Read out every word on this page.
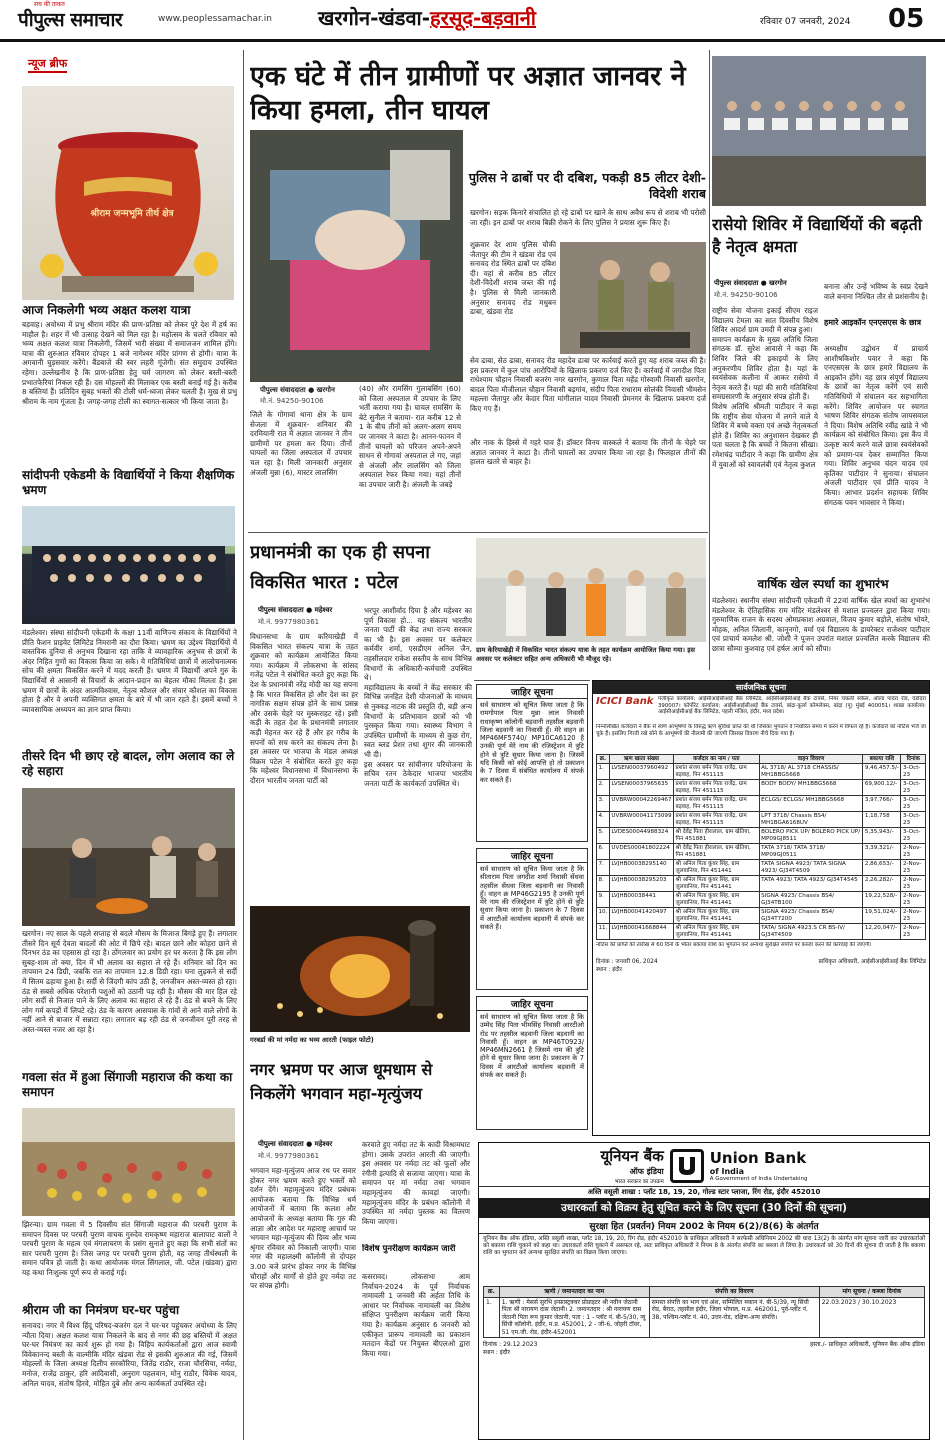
सच की ताकत
पीपुल्स समाचार	www.peoplessamachar.in खरगोन-खंडवा-हरसूद-बड़वानी	रविवार 07 जनवरी, 2024 05
न्यूज ब्रीफ
श्रीराम जन्मभूमि तीर्थ क्षेत्र
आज निकलेगी भव्य अक्षत कलश यात्रा
बड़वाह। अयोध्या में प्रभु श्रीराम मंदिर की प्राण-प्रतिष्ठा को लेकर पूरे देश में हर्ष का माहौल है। शहर में भी उत्साह देखने को मिल रहा है। महोत्सव के चलते रविवार को भव्य अक्षत कलश यात्रा निकलेगी, जिसमें भारी संख्या में समाजजन शामिल होंगे। यात्रा की शुरुआत रविवार दोपहर 1 बजे नागेश्वर मंदिर प्रांगण से होगी। यात्रा के अगवानी घुड़सवार करेंगे। बैंडबाजे की स्वर लहरी गूंजेगी। संत समुदाय उपस्थित रहेगा। उल्लेखनीय है कि प्राण-प्रतिष्ठा हेतु चर्म जागरण को लेकर बस्ती-बस्ती प्रभातफेरियां निकल रही हैं। दस मोहल्लों की मिलाकर एक बस्ती बनाई गई है। करीब 8 बस्तियां हैं। प्रतिदिन सुबह भक्तों की टोली धर्म-ध्वजा लेकर चलती है। मुख से प्रभु श्रीराम के नाम गूंजता है। जगह-जगह टोली का स्वागत-सत्कार भी किया जाता है।
सांदीपनी एकेडमी के विद्यार्थियों ने किया शैक्षणिक भ्रमण
मंडलेश्वर। संस्था सांदीपनी एकेडमी के कक्षा 11वीं वाणिज्य संकाय के विद्यार्थियों ने प्रीति फैशन प्राइवेट लिमिटेड निमरानी का दौरा किया। भ्रमण का उद्देश्य विद्यार्थियों में वास्तविक दुनिया से अनुभव दिखाना रहा ताकि वे व्यावहारिक अनुभव से छात्रों के अंदर निहित गुणों का विकास किया जा सके। ये गतिविधियां छात्रों में आलोचनात्मक सोच की क्षमता विकसित करने में मदद करती हैं। भ्रमण में विद्यार्थी अपने गुरु के विद्यार्थियों से आसानी से विचारों के आदान-प्रदान का बेहतर मौका मिलता है। इस भ्रमण में छात्रों के अंदर आत्मविश्वास, नेतृत्व कौशल और संचार कौशल का विकास होता है और वे अपनी व्यक्तिगत क्षमता के बारे में भी जान रहते हैं। इसमें बच्चों ने व्यावसायिक अध्ययन का ज्ञान प्राप्त किया।
तीसरे दिन भी छाए रहे बादल, लोग अलाव का ले रहे सहारा
खरगोन। नए साल के पहले सप्ताह से बदले मौसम के मिजाज बिगड़े हुए हैं। लगातार तीसरे दिन सूर्य देवता बादलों की ओट में छिपे रहे। बादल छाने और कोहरा छाने से दिनभर ठंड का एहसास हो रहा है। ठोंगलवार का प्रयोग हर घर करता है कि इस लोग सुबह-शाम तो क्या, दिन में भी अलाव का सहारा ले रहे हैं। शनिवार को दिन का तापमान 24 डिग्री, जबकि रात का तापमान 12.8 डिग्री रहा। घना लुढ़कने से सर्दी में सितम ढहाया हुआ है। सर्दी से जिंदगी कांप उठी है, जनजीवन अस्त-व्यस्त हो रहा। ठंड से सबसे अधिक परेशानी पशुओं को उठानी पड़ रही है। मौसम की मार हिल रहे लोग सर्दी से निजात पाने के लिए अलाव का सहारा ले रहे हैं। ठंड से बचने के लिए लोग गर्म कपड़ों में लिपटे रहे। ठंड के कारण आसपास के गांवों से आने वाले लोगों के नहीं आने से बाजार में सन्नाटा रहा। लगातार बढ़ रही ठंड से जनजीवन पूरी तरह से अस्त-व्यस्त नजर आ रहा है।
गवला संत में हुआ सिंगाजी महाराज की कथा का समापन
झिरन्या। ग्राम गवला में 5 दिवसीय संत सिंगाजी महाराज की परचरी पुराण के समापन दिवस पर परचरी पुराण वाचक गुरुदेव रामकृष्ण महाराज बालापाट वालों ने परचरी पुराण के महत्व एवं मंगलाचरण के प्रसंग सुनाते हुए कहा कि सभी संतों का सार परचरी पुराण है। जिस जगह पर परचरी पुराण होती, वह जगह तीर्थस्थली के समान पवित्र हो जाती है। कथा आयोजक मंगल सिंगलाल, जी. पटेल (खंडवा) द्वारा यह कथा निःशुल्क पूर्ण रूप से कराई गई।
श्रीराम जी का निमंत्रण घर-घर पहुंचा
सनावद। नगर में विश्व हिंदू परिषद-बजरंग दल ने घर-घर पहुंचकर अयोध्या के लिए न्यौता दिया। अक्षत कलश यात्रा निकलने के बाद से नगर की छह बस्तियों में अक्षत घर-घर निमंत्रण का कार्य शुरू हो गया है। विहिप कार्यकर्ताओं द्वारा आज स्वामी विवेकानन्द बस्ती के वाल्मीकि मंदिर खंडवा रोड से इसकी शुरुआत की गई, जिसमें मोहल्लों के जिला अध्यक्ष दिलीप सरकौरिया, जितेंद्र राठौर, राजा चौरसिया, नर्मदा, मनोज, राजेंद्र ठाकुर, हरि आदिवासी, अनुराग पहलवान, मोनु राठौर, विवेक यादव, अनिल यादव, संतोष हिरवे, मोहित दुबे और अन्य कार्यकर्ता उपस्थित रहे।
एक घंटे में तीन ग्रामीणों पर अज्ञात जानवर ने किया हमला, तीन घायल
पीपुल्स संवाददाता ● खरगोन
मो.नं. 94250-90106
जिले के गोगावां थाना क्षेत्र के ग्राम सेजला में शुक्रवार- शनिवार की दरमियानी रात में अज्ञात जानवर ने तीन ग्रामीणों पर हमला कर दिया। तीनों घायलों का जिला अस्पताल में उपचार चल रहा है। मिली जानकारी अनुसार अंजली मुन्ना (6), मास्टर लालसिंग
(40) और रामसिंग गुलाबसिंग (60) को जिला अस्पताल में उपचार के लिए भर्ती कराया गया है। घायल रामसिंग के बेटे सुनील ने बताया- रात करीब 12 से 1 के बीच तीनों को अलग-अलग समय पर जानवर ने काटा है। आनन-फानन में तीनों घायलों को परिजन अपने-अपने साधन से गोगावां अस्पताल ले गए, जहां से अंजली और लालसिंग को जिला अस्पताल रेफर किया गया। यहां तीनों का उपचार जारी है। अंजली के जबड़े
पुलिस ने ढाबों पर दी दबिश, पकड़ी 85 लीटर देशी-विदेशी शराब
खरगोन। सड़क किनारे संचालित हो रहे ढाबों पर खाने के साथ अवैध रूप से शराब भी परोसी जा रही। इन ढाबों पर शराब बिक्री रोकने के लिए पुलिस ने प्रयास शुरू किए हैं।
शुक्रवार देर शाम पुलिस चौकी जैतापुर की टीम ने खंडवा रोड एवं सनावद रोड स्थित ढाबों पर दबिश दी। यहां से करीब 85 लीटर देशी-विदेशी शराब जब्त की गई है। पुलिस से मिली जानकारी अनुसार सनावद रोड मधुबन ढाबा, खंडवा रोड
सेव ढाबा, सेठ ढाबा, सनावद रोड महादेव ढाबा पर कार्रवाई करते हुए यह शराब जब्त की है। इस प्रकरण में कुल पांच आरोपियों के खिलाफ प्रकरण दर्ज किए हैं। कार्रवाई में जगदीश पिता राधेश्याम चौहान निवासी बजरंग नगर खरगोन, कुणाल पिता महेंद्र गोस्वामी निवासी खरगोन, बादल पिता मौजीलाल चौहान निवासी बड़गांव, संदीप पिता राधाराम सोलंकी निवासी भीमसेन महल्ला जैतापुर और केदार पिता मांगीलाल यादव निवासी प्रेमनगर के खिलाफ प्रकरण दर्ज किए गए हैं।
और नाक के हिस्से में गहरे घाव हैं। डॉक्टर विनय वास्कले ने बताया कि तीनों के चेहरे पर अज्ञात जानवर ने काटा है। तीनों घायलों का उपचार किया जा रहा है। फिलहाल तीनों की हालत खतरे से बाहर है।
रासेयो शिविर में विद्यार्थियों की बढ़ती है नेतृत्व क्षमता
पीपुल्स संवाददाता ● खरगोन
मो.नं. 94250-90106
राष्ट्रीय सेवा योजना इकाई सीएम राइज विद्यालय टेमला का सात दिवसीय विशेष शिविर आदर्श ग्राम उमदी में संपन्न हुआ।
समापन कार्यक्रम के मुख्य अतिथि जिला संगठक डॉ. सुरेश आवासे ने कहा कि शिविर जिले की इकाइयों के लिए अनुकरणीय शिविर होता है। यहां के स्वयंसेवक कलीना में आकर रासेयो में नेतृत्व करते हैं। यहां की सारी गतिविधियां समग्रसारणी के अनुसार संपन्न होती हैं।
विशेष अतिथि श्रीमती पाटीदार ने कहा कि राष्ट्रीय सेवा योजना में लगने वाले ये शिविर में बच्चे वक्ता एवं अच्छे नेतृत्वकर्ता होते हैं। शिविर का अनुशासन देखकर ही पता चलता है कि बच्चों ने कितना सीखा। रमेशचंद्र पाटीदार ने कहा कि ग्रामीण क्षेत्र में युवाओं को स्वावलंबी एवं नेतृत्व कुशल
बनाना और उन्हें भविष्य के स्वप्न देखने वाले बनाना निश्चित तौर से प्रशंसनीय है।
हमारे आइकॉन एनएसएस के छात्र
अध्यक्षीय उद्बोधन में प्राचार्य आशीषकिशोर पवार ने कहा कि एनएसएस के छात्र हमारे विद्यालय के आइकॉन होंगे। यह छात्र संपूर्ण विद्यालय के छात्रों का नेतृत्व करेंगे एवं सारी गतिविधियों में संचालन कर सहभागिता करेंगे। शिविर आयोजन पर स्वागत भाषण शिविर संगठक संतोष जायसवाल ने दिया। विशेष अतिथि रवींद्र खांडे ने भी कार्यक्रम को संबोधित किया। इस कैंप में उत्कृष्ट कार्य करने वाले छात्रा स्वयंसेवकों को प्रमाण-पत्र देकर सम्मानित किया गया। शिविर अनुभव चंदन यादव एवं कृतिका पाटीदार ने सुनाया। संचालन अंजली पाटीदार एवं प्रीति यादव ने किया। आभार प्रदर्शन सहायक शिविर संगठक पवन भावसार ने किया।
प्रधानमंत्री का एक ही सपना विकसित भारत : पटेल
पीपुल्स संवाददाता ● महेश्वर
मो.नं. 9977980361
विधानसभा के ग्राम करियाखेड़ी में विकसित भारत संकल्प यात्रा के तहत शुक्रवार को कार्यक्रम आयोजित किया गया। कार्यक्रम में लोकसभा के सांसद गजेंद्र पटेल ने संबोधित करते हुए कहा कि देश के प्रधानमंत्री नरेंद्र मोदी का यह सपना है कि भारत विकसित हो और देश का हर नागरिक सक्षम संपन्न होने के साथ प्रसन्न और उसके चेहरे पर मुस्कराहट रहे। इसी कड़ी के तहत देश के प्रधानमंत्री लगातार कड़ी मेहनत कर रहे हैं और हर गरीब के सपनों को सच करने का संकल्प लेना है। इस अवसर पर भाजपा के मंडल अध्यक्ष विक्रम पटेल ने संबोधित करते हुए कहा कि महेश्वर विधानसभा में विधानसभा के दौरान भारतीय जनता पार्टी को
भरपूर आशीर्वाद दिया है और महेश्वर का पूर्ण विकास हो... यह संकल्प भारतीय जनता पार्टी की केंद्र तथा राज्य सरकार का भी है। इस अवसर पर कलेक्टर कर्मवीर शर्मा, एसडीएम अनिल जैन, तहसीलदार राकेश सस्तीय के साथ विभिन्न विभागों के अधिकारी-कर्मचारी उपस्थित थे।
महाविद्यालय के बच्चों ने केंद्र सरकार की विभिन्न जनहित देशी योजनाओं के माध्यम से नुक्कड़ नाटक की प्रस्तुति दी, बड़ी अन्य विभागों के प्रतिभावान छात्रों को भी पुरस्कृत किया गया। स्वास्थ्य विभाग ने उपस्थित ग्रामीणों के माध्यम से कुछ रोग, स्वत ब्लड प्रेशर तथा शुगर की जानकारी भी दी।
इस अवसर पर सांचीनगर परियोजना के सचिव रतन ठेकेदार भाजपा भारतीय जनता पार्टी के कार्यकर्ता उपस्थित थे।
ग्राम केरियाखेड़ी में विकसित भारत संकल्प यात्रा के तहत कार्यक्रम आयोजित किया गया। इस अवसर पर कलेक्टर सहित अन्य अधिकारी भी मौजूद रहे।
वार्षिक खेल स्पर्धा का शुभारंभ
मंडलेश्वर। स्थानीय संस्था सांदीपनी एकेडमी में 22वां वार्षिक खेल स्पर्धा का शुभारंभ मंडलेश्वर के ऐतिहासिक राम मंदिर मंडलेश्वर से मशाल प्रज्वलन द्वारा किया गया। गुरुमाणिक राजन के सदस्य ओमप्रकाश अग्रवाल, विजय कुमार बड़ोले, संतोष भोयरे, मोहक, अनिल जिलानी, कानूनगो, वर्मा एवं विद्यालय के डायरेक्टर राजेश्वर पाटीदार एवं प्राचार्य कमलेश श्री. जोशी ने पूजन उपरांत मशाल प्रज्वलित करके विद्यालय की छात्रा सौम्या कुशवाह एवं हर्षल आर्य को सौंपा।
जाहिर सूचना
सर्व साधारण को सूचित किया जाता है कि रामगोपाल पिता मुन्ना लाल निवासी राधाकृष्ण कॉलोनी बड़वानी तहसील बड़वानी जिला बड़वानी का निवासी हूँ। मेरे वाहन क्र MP46MF5740/ MP10CA6120 है उनकी पूर्ण मेरे नाम की रजिस्ट्रेशन में त्रुटि होने से त्रुटि सुधार किया जाना है। जिसमें यदि किसी को कोई आपत्ति हो तो प्रकाशन के 7 दिवस में संबंधित कार्यालय में संपर्क कर सकते हैं।
जाहिर सूचना
सर्व साधारण को सूचित किया जाता है कि सीताराम पिता जगदीश शर्मा निवासी सेंधवा तहसील सेंधवा जिला बड़वानी का निवासी हूँ। वाहन क्र MP46G2195 है उनकी पूर्ण मेरे नाम की रजिस्ट्रेशन में त्रुटि होने से त्रुटि सुधार किया जाना है। प्रकाशन के 7 दिवस में आरटीओ कार्यालय बड़वानी में संपर्क कर सकते हैं।
जाहिर सूचना
सर्व साधारण को सूचित किया जाता है कि उम्मेद सिंह पिता भीमसिंह निवासी आरटीओ रोड पर तहसील बड़वानी जिला बड़वानी का निवासी हूँ। वाहन क्र MP46T0923/ MP46MN2661 है जिसमें नाम की त्रुटि होने से सुधार किया जाना है। प्रकाशन के 7 दिवस में आरटीओ कार्यालय बड़वानी में संपर्क कर सकते हैं।
गरबर्डा की मां नर्मदा का भव्य आरती (फाइल फोटो)
नगर भ्रमण पर आज धूमधाम से निकलेंगे भगवान महा-मृत्युंजय
पीपुल्स संवाददाता ● महेश्वर
मो.नं. 9977980361
भगवान महा-मृत्युंजय आज रथ पर सवार होकर नगर भ्रमण करते हुए भक्तों को दर्शन देंगे। महामृत्युंजय मंदिर प्रबंधक आयोजक बताया कि विभिन्न धर्म आयोजनों में बताया कि कलश और आयोजनों के अध्यक्ष बताया कि गुरु की आज्ञा और आदेश पर महाराष्ट्र आचार्य पर भगवान महा-मृत्युंजय की दिव्य और भव्य श्रृंगार रविवार को निकाली जाएगी। यात्रा नगर की महालक्ष्मी कॉलोनी से दोपहर 3.00 बजे प्रारंभ होकर नगर के विभिन्न चौराहों और मार्गों से होते हुए नर्मदा तट पर संपन्न होगी।
करवाते हुए नर्मदा तट के कादी विश्रामघाट होगा। उसके उपरांत आरती की जाएगी। इस अवसर पर नर्मदा तट को फूलों और रंगीनी इत्यादि से सजाया जाएगा। यात्रा के समापन पर मां नर्मदा तथा भगवान महामृत्युंजय की कावड़ां जाएगी। महामृत्युंजय मंदिर के प्रबंधन कॉलोनी में उपस्थित मां नर्मदा पुस्तक का वितरण किया जाएगा।
विशेष पुनरीक्षण कार्यक्रम जारी
कसरावद। लोकसभा आम निर्वाचन-2024 के पूर्व निर्वाचक नामावली 1 जनवरी की अर्हता तिथि के आधार पर निर्वाचक नामावली का विशेष संक्षिप्त पुनरीक्षण कार्यक्रम जारी किया गया है। कार्यक्रम अनुसार 6 जनवरी को एकीकृत प्रारूप नामावली का प्रकाशन मतदान केंद्रों पर नियुक्त बीएलओ द्वारा किया गया।
सार्वजनिक सूचना
ICICI Bank पंजीकृत कार्यालय: आईसीआईसीआई बैंक लिमिटेड, आईसीआईसीआई बैंक टावर्स, नियर चकली सर्कल, ओल्ड पादरा रोड, वडोदरा 390007। कॉर्पोरेट कार्यालय: आईसीआईसीआई बैंक टावर्स, बांद्रा-कुर्ला कॉम्प्लेक्स, बांद्रा (पू) मुंबई 400051। शाखा कार्यालय: आईसीआईसीआई बैंक लिमिटेड, पहली मंजिल, इंदौर, मध्य प्रदेश।
निम्नलिखित कर्जदारों ने बैंक से स्वर्ण आभूषणों के विरुद्ध ऋण सुविधा प्राप्त की थी जिसका भुगतान वे निर्धारित समय में करने में विफल रहे हैं। कर्जदारों को नोटिस भेजे जा चुके हैं। इसलिए गिरवी रखे सोने के आभूषणों की नीलामी की जाएगी जिसका विवरण नीचे दिया गया है।
क्र.	ऋण खाता संख्या	कर्जदार का नाम / पता	वाहन विवरण	बकाया राशि	दिनांक
1.	LVSEN00037960492	प्रशांत संजय बर्मन पिता राजेंद्र, ग्राम बड़वाह, पिन 451115	AL 3718/ AL 3718 CHASSIS/ MH1BBG5668	9,46,457.5/-	3-Oct-23
2.	LVSEN00037965635	प्रशांत संजय बर्मन पिता राजेंद्र, ग्राम बड़वाह, पिन 451115	BODY BODY/ MH1BBG5668	69,900.12/-	3-Oct-23
3.	UVBRW00042269467	प्रशांत संजय बर्मन पिता राजेंद्र, ग्राम बड़वाह, पिन 451115	ECLGS/ ECLGS/ MH1BBG5668	3,97,766/-	3-Oct-23
4.	UVBRW00041173099	प्रशांत संजय बर्मन पिता राजेंद्र, ग्राम बड़वाह, पिन 451115	LPT 3718/ Chassis BS4/ MH1BGA6168UV	1,18,758	3-Oct-23
5.	LVDES00044988324	श्री देवेंद्र पिता हीरालाल, ग्राम खेतिया, पिन 451881	BOLERO PICK UP/ BOLERO PICK UP/ MP09GJ8511	5,35,943/-	3-Oct-23
6.	UVDES00041802224	श्री देवेंद्र पिता हीरालाल, ग्राम खेतिया, पिन 451881	TATA 3718/ TATA 3718/ MP09GJ0511	3,39,321/-	2-Nov-23
7.	LVJHB00038295140	श्री अनिल पिता कुंवर सिंह, ग्राम जुलवानिया, पिन 451441	TATA SIGNA 4923/ TATA SIGNA 4923/ GJ34T4509	2,86,653/-	2-Nov-23
8.	LVJHB00038295203	श्री अनिल पिता कुंवर सिंह, ग्राम जुलवानिया, पिन 451441	TATA 4923/ TATA 4923/ GJ34T4545	2,26,282/-	2-Nov-23
9.	LVJHB00038441	श्री अनिल पिता कुंवर सिंह, ग्राम जुलवानिया, पिन 451441	SIGNA 4923/ Chassis BS4/ GJ34TB100	19,22,528/-	2-Nov-23
10.	LVJHB00041420497	श्री अनिल पिता कुंवर सिंह, ग्राम जुलवानिया, पिन 451441	SIGNA 4923/ Chassis BS4/ GJ34T7200	19,51,024/-	2-Nov-23
11.	LVJHB00041668844	श्री अनिल पिता कुंवर सिंह, ग्राम जुलवानिया, पिन 451441	TATA/ SIGNA 4923.S CR BS-IV/ GJ34T4509	12,20,047/-	2-Nov-23
नोटिस की प्राप्ति की तारीख से 60 दिनों के भीतर बकाया राशि का भुगतान करें अन्यथा सुरक्षित संपत्ति पर कब्जा करने की कार्रवाई की जाएगी।
दिनांक : जनवरी 06, 2024
स्थान : इंदौर
प्राधिकृत अधिकारी, आईसीआईसीआई बैंक लिमिटेड
यूनियन बैंक
ऑफ इंडिया
भारत सरकार का उपक्रम
Union Bank
of India
A Government of India Undertaking
अस्ति वसूली शाखा : प्लॉट 18, 19, 20, गोल्ड स्टार प्लाजा, रिंग रोड, इंदौर 452010
उधारकर्ता को विक्रय हेतु सूचित करने के लिए सूचना (30 दिनों की सूचना)
सुरक्षा हित (प्रवर्तन) नियम 2002 के नियम 6(2)/8(6) के अंतर्गत
यूनियन बैंक ऑफ इंडिया, अस्ति वसूली शाखा, प्लॉट 18, 19, 20, रिंग रोड, इंदौर 452010 के प्राधिकृत अधिकारी ने सरफेसी अधिनियम 2002 की धारा 13(2) के अंतर्गत मांग सूचना जारी कर उधारकर्ताओं को बकाया राशि चुकाने को कहा था। उधारकर्ता राशि चुकाने में असफल रहे, अतः प्राधिकृत अधिकारी ने नियम 8 के अंतर्गत संपत्ति का कब्जा ले लिया है। उधारकर्ता को 30 दिनों की सूचना दी जाती है कि बकाया राशि का भुगतान करें अन्यथा सुरक्षित संपत्ति का विक्रय किया जाएगा।
क्र.	ऋणी / जमानतदार का नाम	संपत्ति का विवरण	मांग सूचना / कब्जा दिनांक
1.	1. ऋणी : मेसर्स सुरभि इन्फ्रास्ट्रक्चर प्रोप्राइटर श्री नवीन जेठानी पिता श्री नारायण दास जेठानी। 2. जमानतदार : श्री नारायण दास जेठानी पिता रूप कुमार जेठानी, पता : 1 - प्लॉट नं. बी-5/30, न्यू सिंधी कॉलोनी, इंदौर, म.प्र. 452001, 2 - जी-6, जोहरी टॉवर, 51 एम.जी. रोड, इंदौर-452001	समस्त संपत्ति का भाग एवं अंश, सम्मिलित मकान नं. बी-5/39, न्यू सिंधी रोड, बैराठ, तहसील इंदौर, जिला भोपाल, म.प्र. 462001, पूर्व-प्लॉट नं. 38, पश्चिम-प्लॉट नं. 40, उत्तर-रोड, दक्षिण-अन्य संपत्ति।	22.03.2023 / 30.10.2023
दिनांक : 29.12.2023
स्थान : इंदौर
हस्ता./- प्राधिकृत अधिकारी, यूनियन बैंक ऑफ इंडिया
